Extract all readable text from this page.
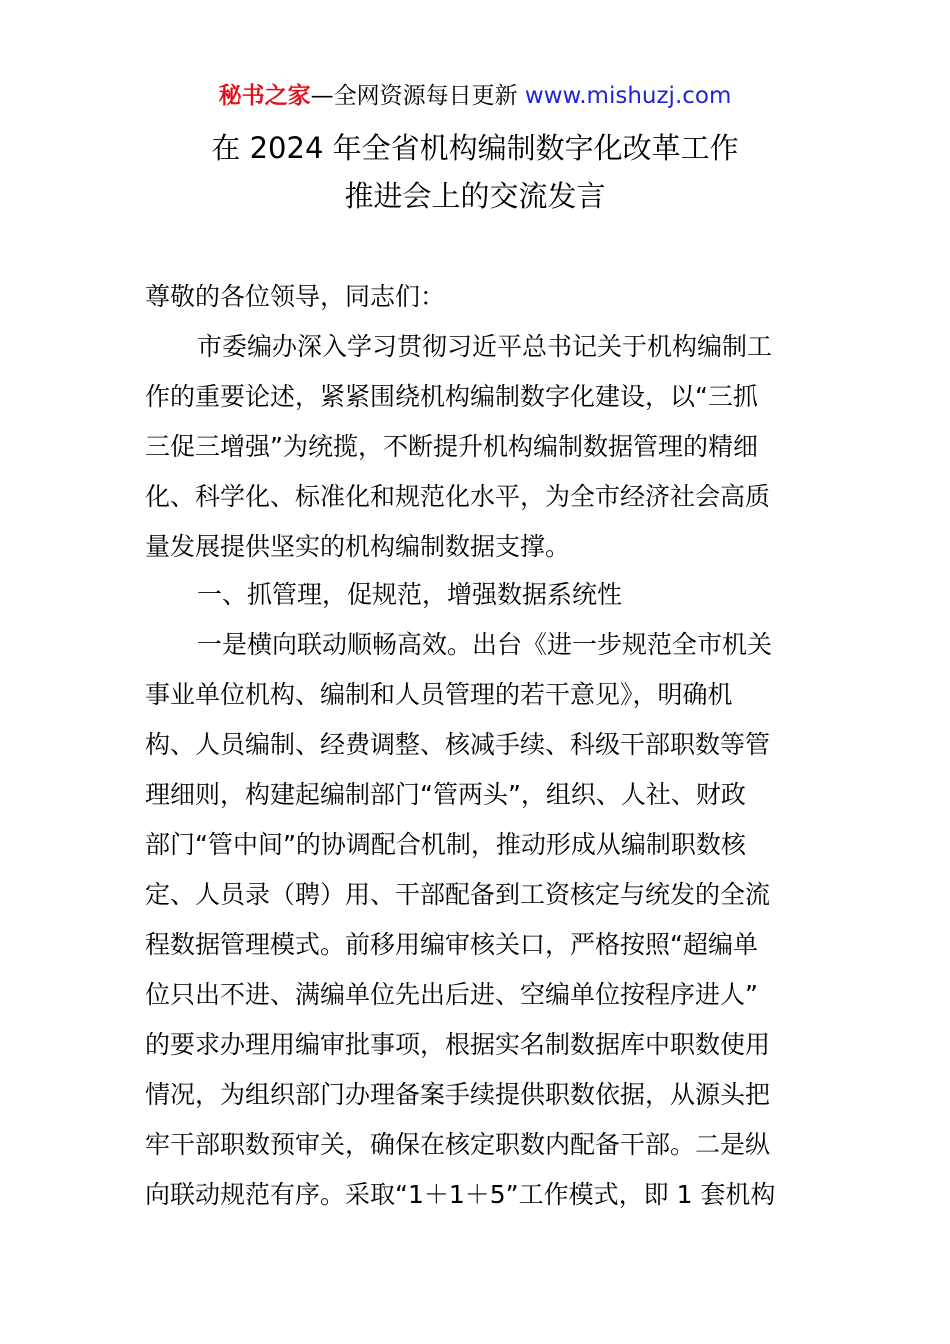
秘书之家—全网资源每日更新 www.mishuzj.com
在 2024 年全省机构编制数字化改革工作
推进会上的交流发言
尊敬的各位领导，同志们：
市委编办深入学习贯彻习近平总书记关于机构编制工
作的重要论述，紧紧围绕机构编制数字化建设，以“三抓
三促三增强”为统揽，不断提升机构编制数据管理的精细
化、科学化、标准化和规范化水平，为全市经济社会高质
量发展提供坚实的机构编制数据支撑。
一、抓管理，促规范，增强数据系统性
一是横向联动顺畅高效。出台《进一步规范全市机关
事业单位机构、编制和人员管理的若干意见》，明确机
构、人员编制、经费调整、核减手续、科级干部职数等管
理细则，构建起编制部门“管两头”，组织、人社、财政
部门“管中间”的协调配合机制，推动形成从编制职数核
定、人员录（聘）用、干部配备到工资核定与统发的全流
程数据管理模式。前移用编审核关口，严格按照“超编单
位只出不进、满编单位先出后进、空编单位按程序进人”
的要求办理用编审批事项，根据实名制数据库中职数使用
情况，为组织部门办理备案手续提供职数依据，从源头把
牢干部职数预审关，确保在核定职数内配备干部。二是纵
向联动规范有序。采取“1＋1＋5”工作模式，即 1 套机构
